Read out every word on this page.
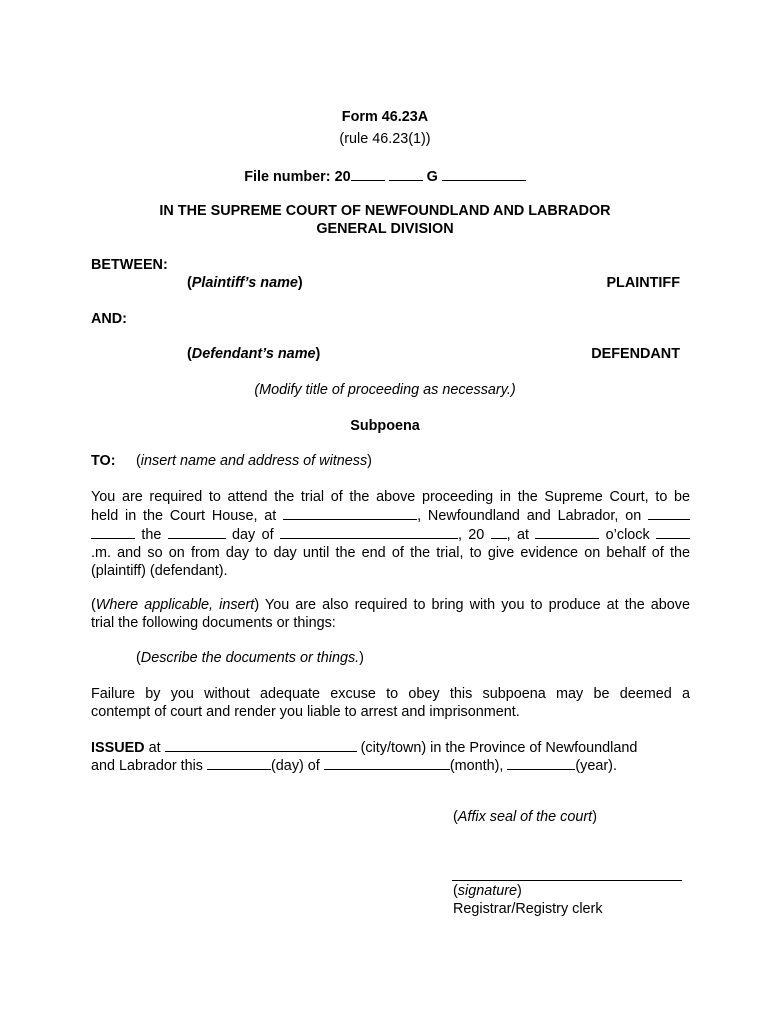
Form 46.23A
(rule 46.23(1))
File number: 20	G
IN THE SUPREME COURT OF NEWFOUNDLAND AND LABRADOR
GENERAL DIVISION
BETWEEN:
(Plaintiff’s name)	PLAINTIFF
AND:
(Defendant’s name)	DEFENDANT
(Modify title of proceeding as necessary.)
Subpoena
TO: (insert name and address of witness)
You are required to attend the trial of the above proceeding in the Supreme Court, to be
held in the Court House, at	, Newfoundland and Labrador, on
the	day of	, 20 , at	o’clock
.m. and so on from day to day until the end of the trial, to give evidence on behalf of the
(plaintiff) (defendant).
(Where applicable, insert) You are also required to bring with you to produce at the above
trial the following documents or things:
(Describe the documents or things.)
Failure by you without adequate excuse to obey this subpoena may be deemed a
contempt of court and render you liable to arrest and imprisonment.
ISSUED at	(city/town) in the Province of Newfoundland
and Labrador this	(day) of	(month),	(year).
(Affix seal of the court)
(signature)
Registrar/Registry clerk
